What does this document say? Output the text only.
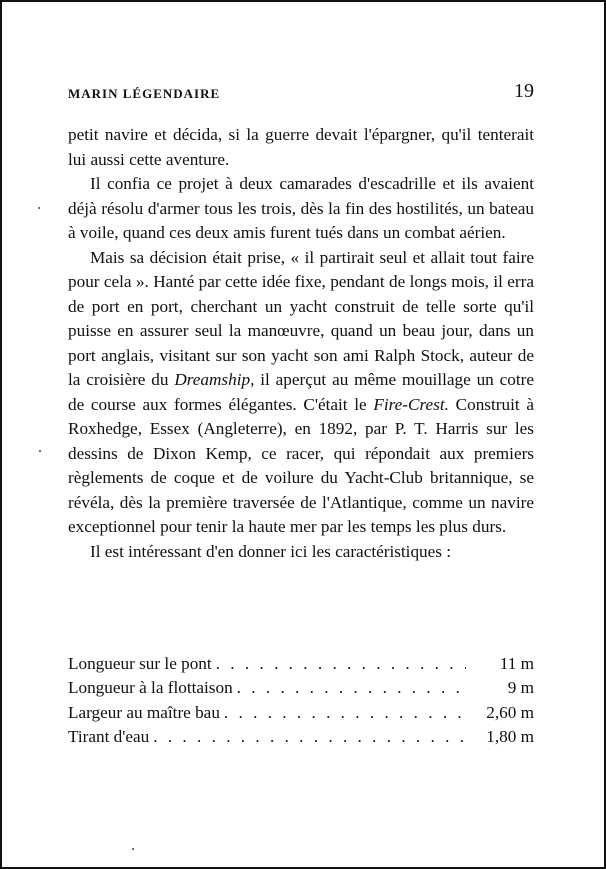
MARIN LÉGENDAIRE	19

petit navire et décida, si la guerre devait l'épargner, qu'il tenterait lui aussi cette aventure.

Il confia ce projet à deux camarades d'escadrille et ils avaient déjà résolu d'armer tous les trois, dès la fin des hostilités, un bateau à voile, quand ces deux amis furent tués dans un combat aérien.

Mais sa décision était prise, « il partirait seul et allait tout faire pour cela ». Hanté par cette idée fixe, pendant de longs mois, il erra de port en port, cherchant un yacht construit de telle sorte qu'il puisse en assurer seul la manœuvre, quand un beau jour, dans un port anglais, visitant sur son yacht son ami Ralph Stock, auteur de la croisière du Dreamship, il aperçut au même mouillage un cotre de course aux formes élégantes. C'était le Fire-Crest. Construit à Roxhedge, Essex (Angleterre), en 1892, par P. T. Harris sur les dessins de Dixon Kemp, ce racer, qui répondait aux premiers règlements de coque et de voilure du Yacht-Club britannique, se révéla, dès la première traversée de l'Atlantique, comme un navire exceptionnel pour tenir la haute mer par les temps les plus durs.

Il est intéressant d'en donner ici les caractéristiques :

Longueur sur le pont . . .	11 m
Longueur à la flottaison . . .	9 m
Largeur au maître bau . . .	2,60 m
Tirant d'eau . . .	1,80 m
